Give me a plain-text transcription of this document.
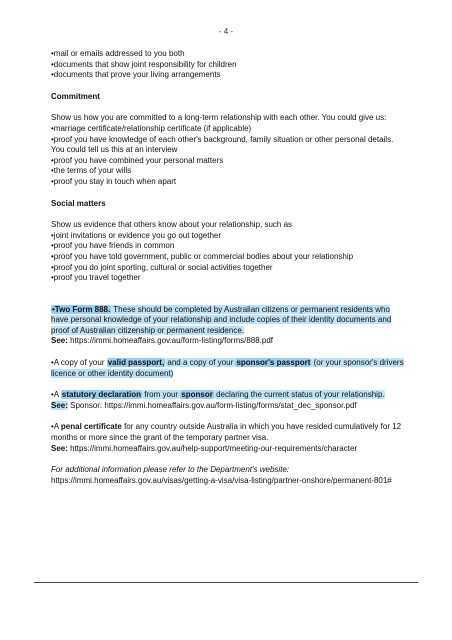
- 4 -

•mail or emails addressed to you both

•documents that show joint responsibility for children

•documents that prove your living arrangements

Commitment

Show us how you are committed to a long-term relationship with each other. You could give us:

•marriage certificate/relationship certificate (if applicable)

•proof you have knowledge of each other's background, family situation or other personal details. You could tell us this at an interview

•proof you have combined your personal matters

•the terms of your wills

•proof you stay in touch when apart

Social matters

Show us evidence that others know about your relationship, such as

•joint invitations or evidence you go out together

•proof you have friends in common

•proof you have told government, public or commercial bodies about your relationship

•proof you do joint sporting, cultural or social activities together

•proof you travel together

•Two Form 888. These should be completed by Australian citizens or permanent residents who have personal knowledge of your relationship and include copies of their identity documents and proof of Australian citizenship or permanent residence.

See: https://immi.homeaffairs.gov.au/form-listing/forms/888.pdf

•A copy of your valid passport, and a copy of your sponsor's passport (or your sponsor's drivers licence or other identity document)

•A statutory declaration from your sponsor declaring the current status of your relationship.

See: Sponsor: https://immi.homeaffairs.gov.au/form-listing/forms/stat_dec_sponsor.pdf

•A penal certificate for any country outside Australia in which you have resided cumulatively for 12 months or more since the grant of the temporary partner visa.

See: https://immi.homeaffairs.gov.au/help-support/meeting-our-requirements/character

For additional information please refer to the Department's website: https://immi.homeaffairs.gov.au/visas/getting-a-visa/visa-listing/partner-onshore/permanent-801#
